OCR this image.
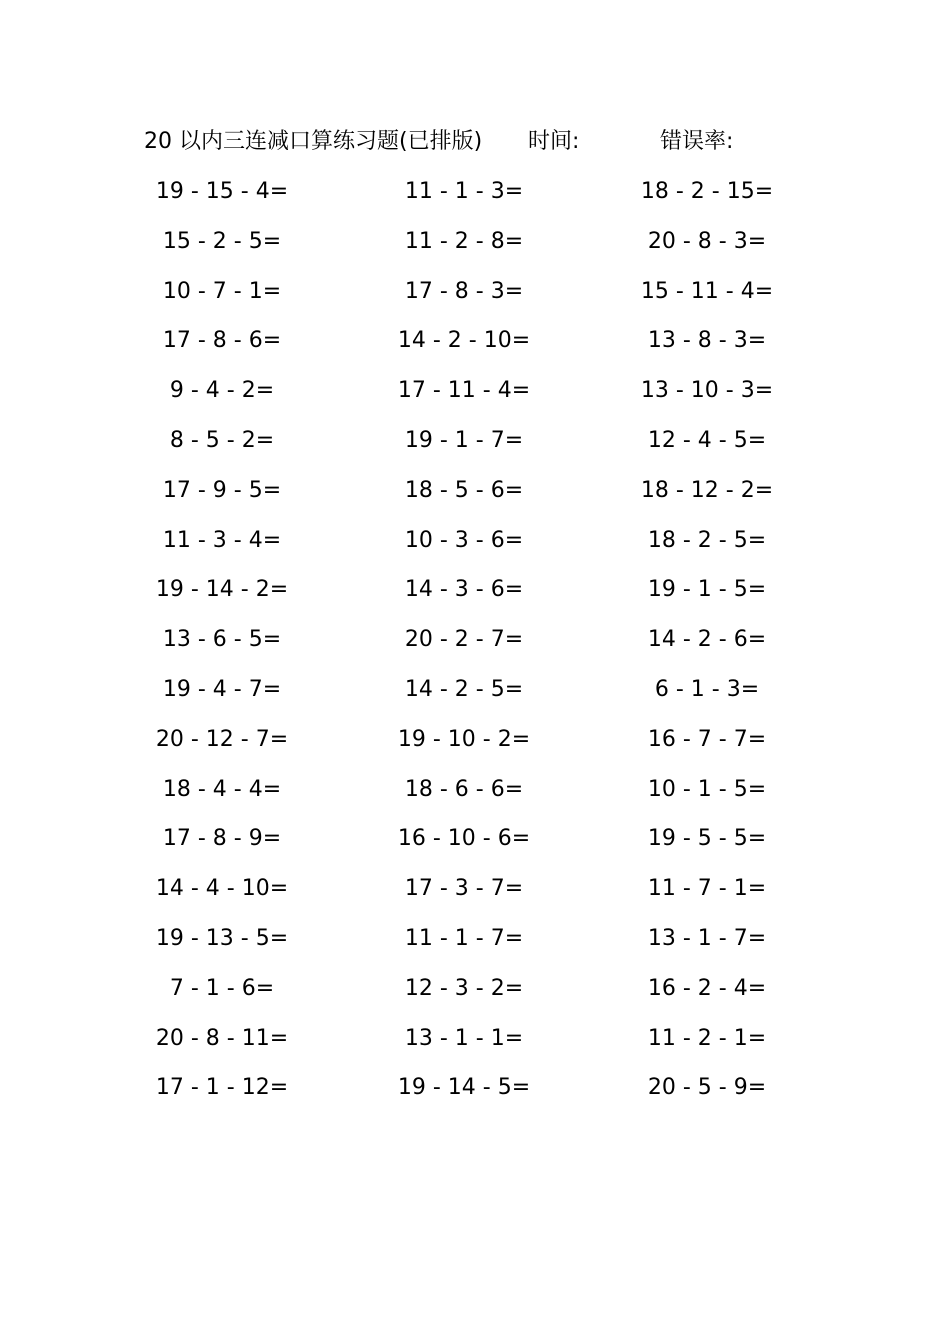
20 以内三连减口算练习题(已排版) 时间:	错误率:
19 - 15 - 4=
15 - 2 - 5=
10 - 7 - 1=
17 - 8 - 6=
9 - 4 - 2=
8 - 5 - 2=
17 - 9 - 5=
11 - 3 - 4=
19 - 14 - 2=
13 - 6 - 5=
19 - 4 - 7=
20 - 12 - 7=
18 - 4 - 4=
17 - 8 - 9=
14 - 4 - 10=
19 - 13 - 5=
7 - 1 - 6=
20 - 8 - 11=
17 - 1 - 12=
11 - 1 - 3=
11 - 2 - 8=
17 - 8 - 3=
14 - 2 - 10=
17 - 11 - 4=
19 - 1 - 7=
18 - 5 - 6=
10 - 3 - 6=
14 - 3 - 6=
20 - 2 - 7=
14 - 2 - 5=
19 - 10 - 2=
18 - 6 - 6=
16 - 10 - 6=
17 - 3 - 7=
11 - 1 - 7=
12 - 3 - 2=
13 - 1 - 1=
19 - 14 - 5=
18 - 2 - 15=
20 - 8 - 3=
15 - 11 - 4=
13 - 8 - 3=
13 - 10 - 3=
12 - 4 - 5=
18 - 12 - 2=
18 - 2 - 5=
19 - 1 - 5=
14 - 2 - 6=
6 - 1 - 3=
16 - 7 - 7=
10 - 1 - 5=
19 - 5 - 5=
11 - 7 - 1=
13 - 1 - 7=
16 - 2 - 4=
11 - 2 - 1=
20 - 5 - 9=
